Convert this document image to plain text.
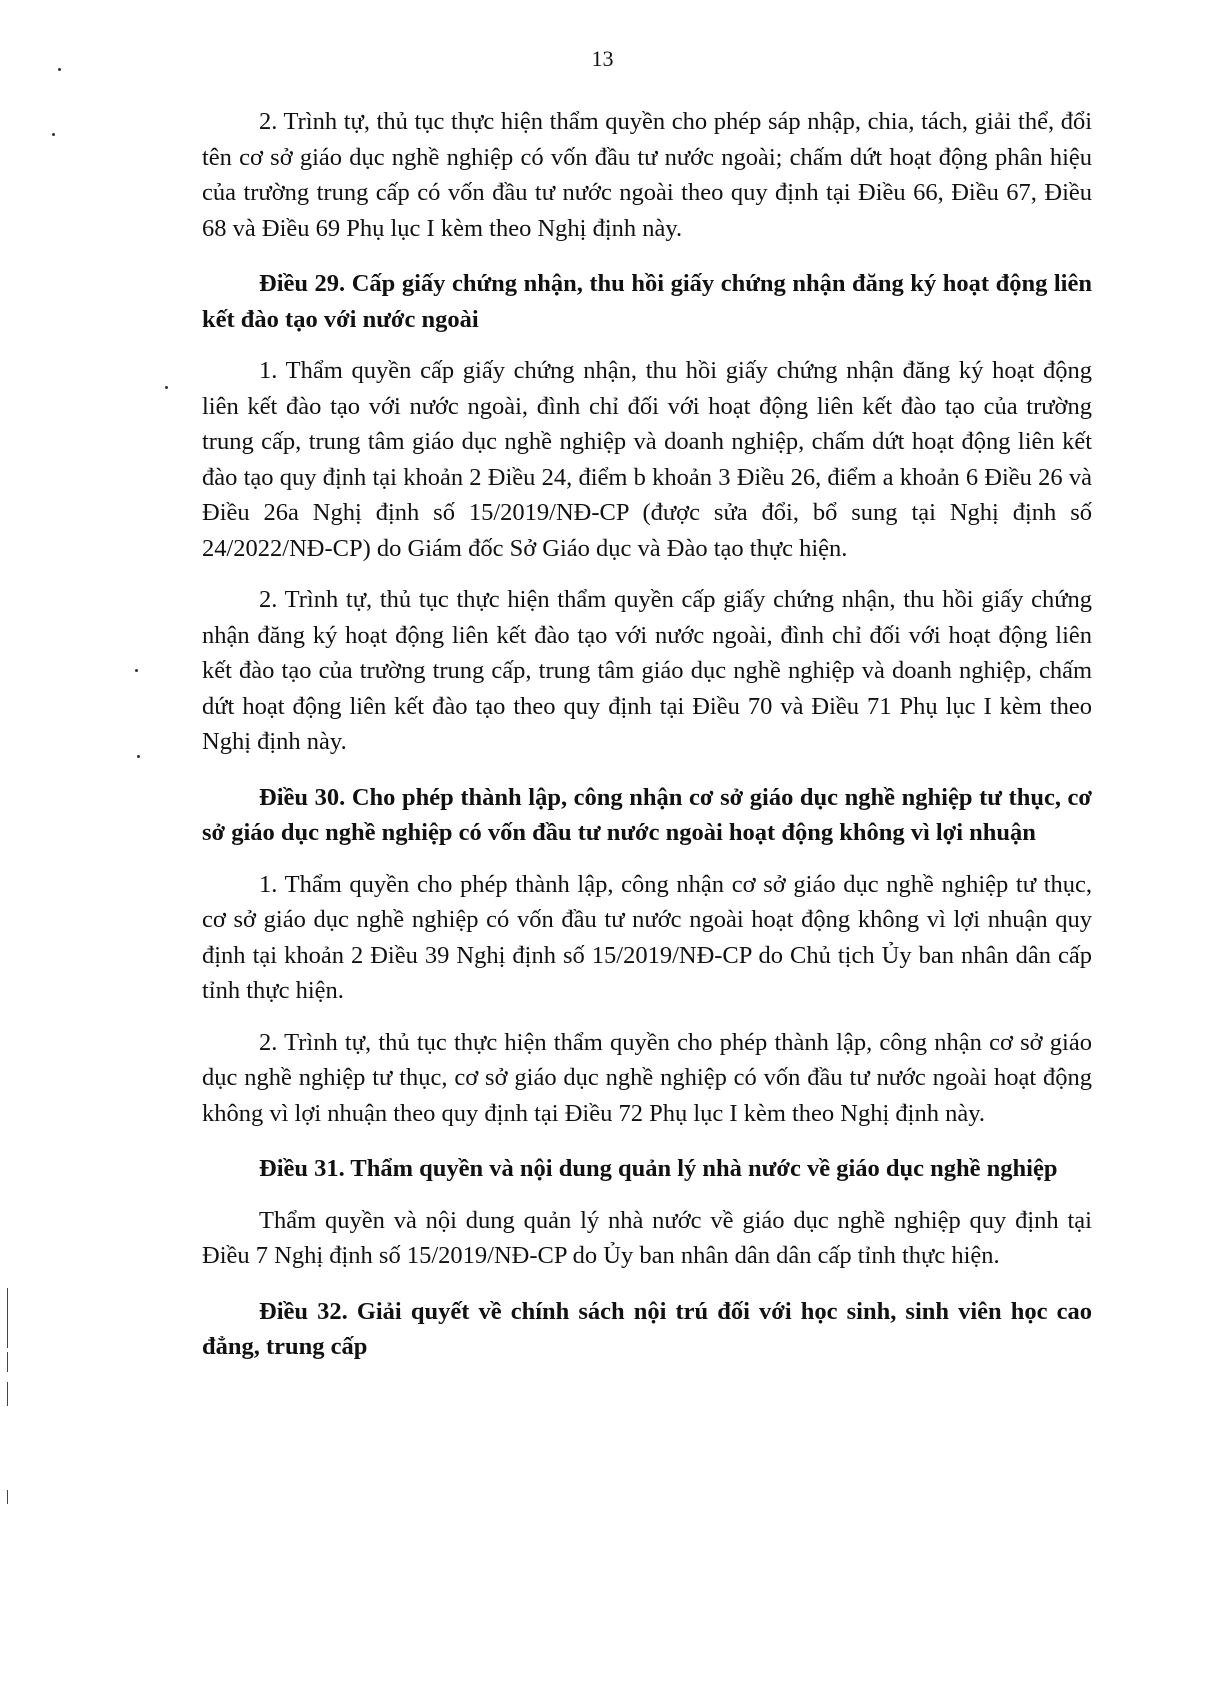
13

2. Trình tự, thủ tục thực hiện thẩm quyền cho phép sáp nhập, chia, tách, giải thể, đổi tên cơ sở giáo dục nghề nghiệp có vốn đầu tư nước ngoài; chấm dứt hoạt động phân hiệu của trường trung cấp có vốn đầu tư nước ngoài theo quy định tại Điều 66, Điều 67, Điều 68 và Điều 69 Phụ lục I kèm theo Nghị định này.

Điều 29. Cấp giấy chứng nhận, thu hồi giấy chứng nhận đăng ký hoạt động liên kết đào tạo với nước ngoài

1. Thẩm quyền cấp giấy chứng nhận, thu hồi giấy chứng nhận đăng ký hoạt động liên kết đào tạo với nước ngoài, đình chỉ đối với hoạt động liên kết đào tạo của trường trung cấp, trung tâm giáo dục nghề nghiệp và doanh nghiệp, chấm dứt hoạt động liên kết đào tạo quy định tại khoản 2 Điều 24, điểm b khoản 3 Điều 26, điểm a khoản 6 Điều 26 và Điều 26a Nghị định số 15/2019/NĐ-CP (được sửa đổi, bổ sung tại Nghị định số 24/2022/NĐ-CP) do Giám đốc Sở Giáo dục và Đào tạo thực hiện.

2. Trình tự, thủ tục thực hiện thẩm quyền cấp giấy chứng nhận, thu hồi giấy chứng nhận đăng ký hoạt động liên kết đào tạo với nước ngoài, đình chỉ đối với hoạt động liên kết đào tạo của trường trung cấp, trung tâm giáo dục nghề nghiệp và doanh nghiệp, chấm dứt hoạt động liên kết đào tạo theo quy định tại Điều 70 và Điều 71 Phụ lục I kèm theo Nghị định này.

Điều 30. Cho phép thành lập, công nhận cơ sở giáo dục nghề nghiệp tư thục, cơ sở giáo dục nghề nghiệp có vốn đầu tư nước ngoài hoạt động không vì lợi nhuận

1. Thẩm quyền cho phép thành lập, công nhận cơ sở giáo dục nghề nghiệp tư thục, cơ sở giáo dục nghề nghiệp có vốn đầu tư nước ngoài hoạt động không vì lợi nhuận quy định tại khoản 2 Điều 39 Nghị định số 15/2019/NĐ-CP do Chủ tịch Ủy ban nhân dân cấp tỉnh thực hiện.

2. Trình tự, thủ tục thực hiện thẩm quyền cho phép thành lập, công nhận cơ sở giáo dục nghề nghiệp tư thục, cơ sở giáo dục nghề nghiệp có vốn đầu tư nước ngoài hoạt động không vì lợi nhuận theo quy định tại Điều 72 Phụ lục I kèm theo Nghị định này.

Điều 31. Thẩm quyền và nội dung quản lý nhà nước về giáo dục nghề nghiệp

Thẩm quyền và nội dung quản lý nhà nước về giáo dục nghề nghiệp quy định tại Điều 7 Nghị định số 15/2019/NĐ-CP do Ủy ban nhân dân dân cấp tỉnh thực hiện.

Điều 32. Giải quyết về chính sách nội trú đối với học sinh, sinh viên học cao đẳng, trung cấp
